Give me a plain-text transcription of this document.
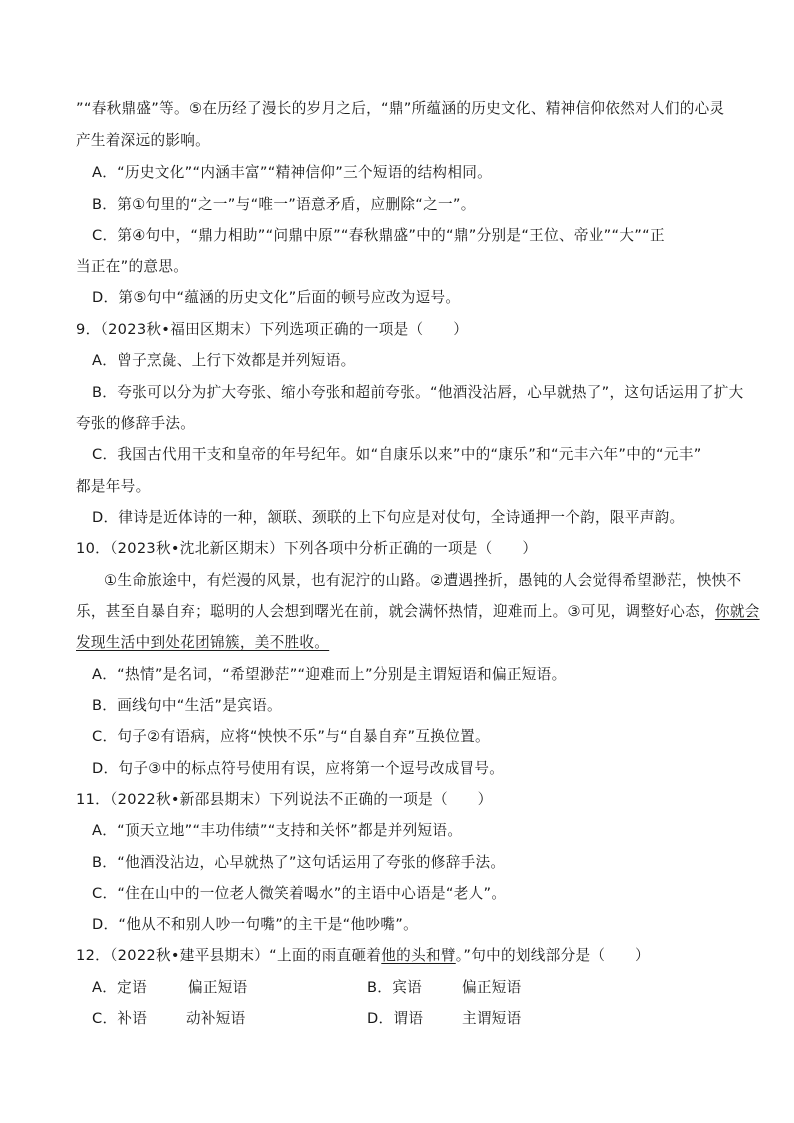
”“春秋鼎盛”等。⑤在历经了漫长的岁月之后，“鼎”所蕴涵的历史文化、精神信仰依然对人们的心灵
产生着深远的影响。
A．“历史文化”“内涵丰富”“精神信仰”三个短语的结构相同。
B．第①句里的“之一”与“唯一”语意矛盾，应删除“之一”。
C．第④句中，“鼎力相助”“问鼎中原”“春秋鼎盛”中的“鼎”分别是“王位、帝业”“大”“正
当正在”的意思。
D．第⑤句中“蕴涵的历史文化”后面的顿号应改为逗号。
9．（2023秋•福田区期末）下列选项正确的一项是（　　）
A．曾子烹彘、上行下效都是并列短语。
B．夸张可以分为扩大夸张、缩小夸张和超前夸张。“他酒没沾唇，心早就热了”，这句话运用了扩大
夸张的修辞手法。
C．我国古代用干支和皇帝的年号纪年。如“自康乐以来”中的“康乐”和“元丰六年”中的“元丰”
都是年号。
D．律诗是近体诗的一种，颔联、颈联的上下句应是对仗句，全诗通押一个韵，限平声韵。
10．（2023秋•沈北新区期末）下列各项中分析正确的一项是（　　）
①生命旅途中，有烂漫的风景，也有泥泞的山路。②遭遇挫折，愚钝的人会觉得希望渺茫，怏怏不
乐，甚至自暴自弃；聪明的人会想到曙光在前，就会满怀热情，迎难而上。③可见，调整好心态，你就会
发现生活中到处花团锦簇，美不胜收。
A．“热情”是名词，“希望渺茫”“迎难而上”分别是主谓短语和偏正短语。
B．画线句中“生活”是宾语。
C．句子②有语病，应将“怏怏不乐”与“自暴自弃”互换位置。
D．句子③中的标点符号使用有误，应将第一个逗号改成冒号。
11．（2022秋•新邵县期末）下列说法不正确的一项是（　　）
A．“顶天立地”“丰功伟绩”“支持和关怀”都是并列短语。
B．“他酒没沾边，心早就热了”这句话运用了夸张的修辞手法。
C．“住在山中的一位老人微笑着喝水”的主语中心语是“老人”。
D．“他从不和别人吵一句嘴”的主干是“他吵嘴”。
12．（2022秋•建平县期末）“上面的雨直砸着他的头和臂。”句中的划线部分是（　　）
A．定语	偏正短语	B．宾语	偏正短语
C．补语	动补短语	D．谓语	主谓短语
